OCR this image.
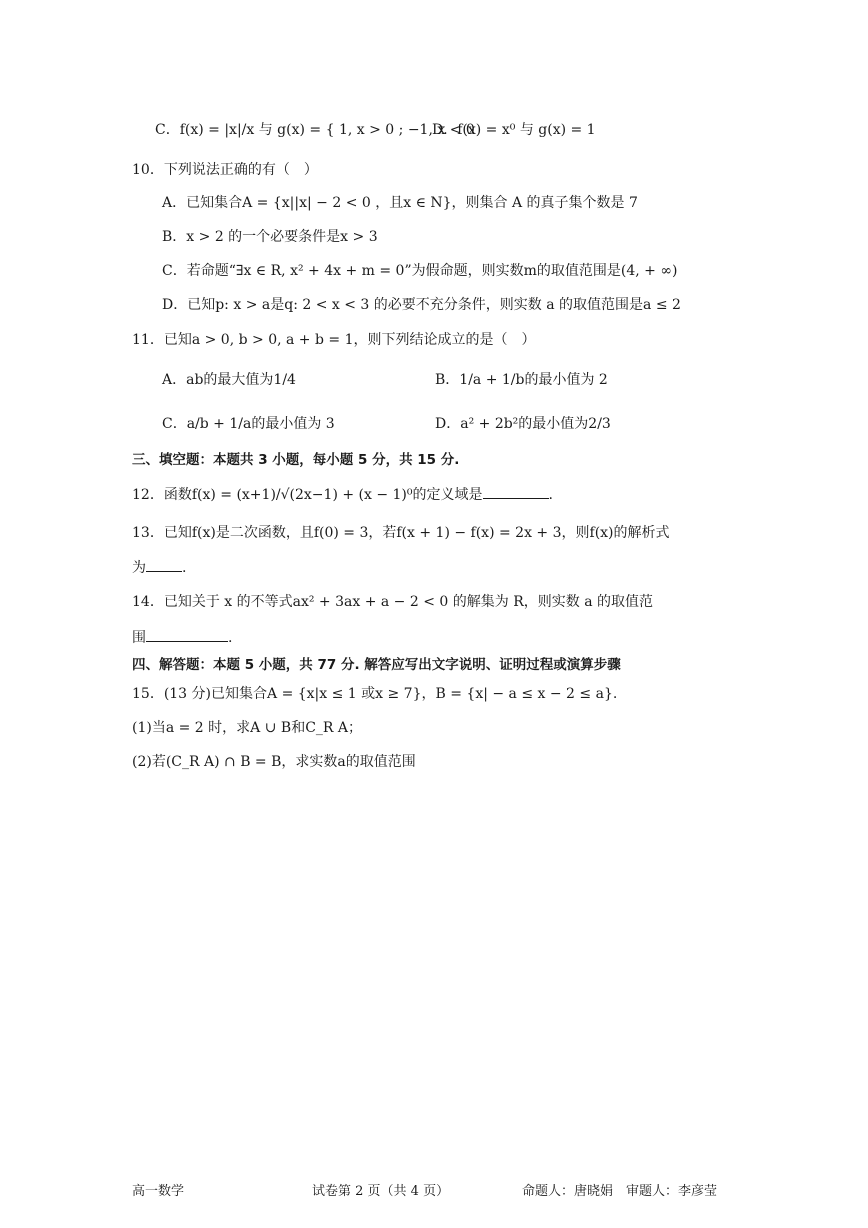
C．f(x) = |x|/x 与 g(x) = { 1, x > 0 ; −1, x < 0
D．f(x) = x⁰ 与 g(x) = 1
10．下列说法正确的有（　）
A．已知集合A = {x||x| − 2 < 0 ，且x ∈ N}，则集合 A 的真子集个数是 7
B．x > 2 的一个必要条件是x > 3
C．若命题“∃x ∈ R, x² + 4x + m = 0”为假命题，则实数m的取值范围是(4, + ∞)
D．已知p: x > a是q: 2 < x < 3 的必要不充分条件，则实数 a 的取值范围是a ≤ 2
11．已知a > 0, b > 0, a + b = 1，则下列结论成立的是（　）
A．ab的最大值为1/4	B．1/a + 1/b的最小值为 2
C．a/b + 1/a的最小值为 3	D．a² + 2b²的最小值为2/3
三、填空题：本题共 3 小题，每小题 5 分，共 15 分.
12．函数f(x) = (x+1)/√(2x−1) + (x − 1)⁰的定义域是	.
13．已知f(x)是二次函数，且f(0) = 3，若f(x + 1) − f(x) = 2x + 3，则f(x)的解析式
为	.
14．已知关于 x 的不等式ax² + 3ax + a − 2 < 0 的解集为 R，则实数 a 的取值范
围	.
四、解答题：本题 5 小题，共 77 分. 解答应写出文字说明、证明过程或演算步骤
15．(13 分)已知集合A = {x|x ≤ 1 或x ≥ 7}，B = {x| − a ≤ x − 2 ≤ a}.
(1)当a = 2 时，求A ∪ B和C_R A；
(2)若(C_R A) ∩ B = B，求实数a的取值范围
高一数学	试卷第 2 页（共 4 页）	命题人：唐晓娟 审题人：李彦莹
